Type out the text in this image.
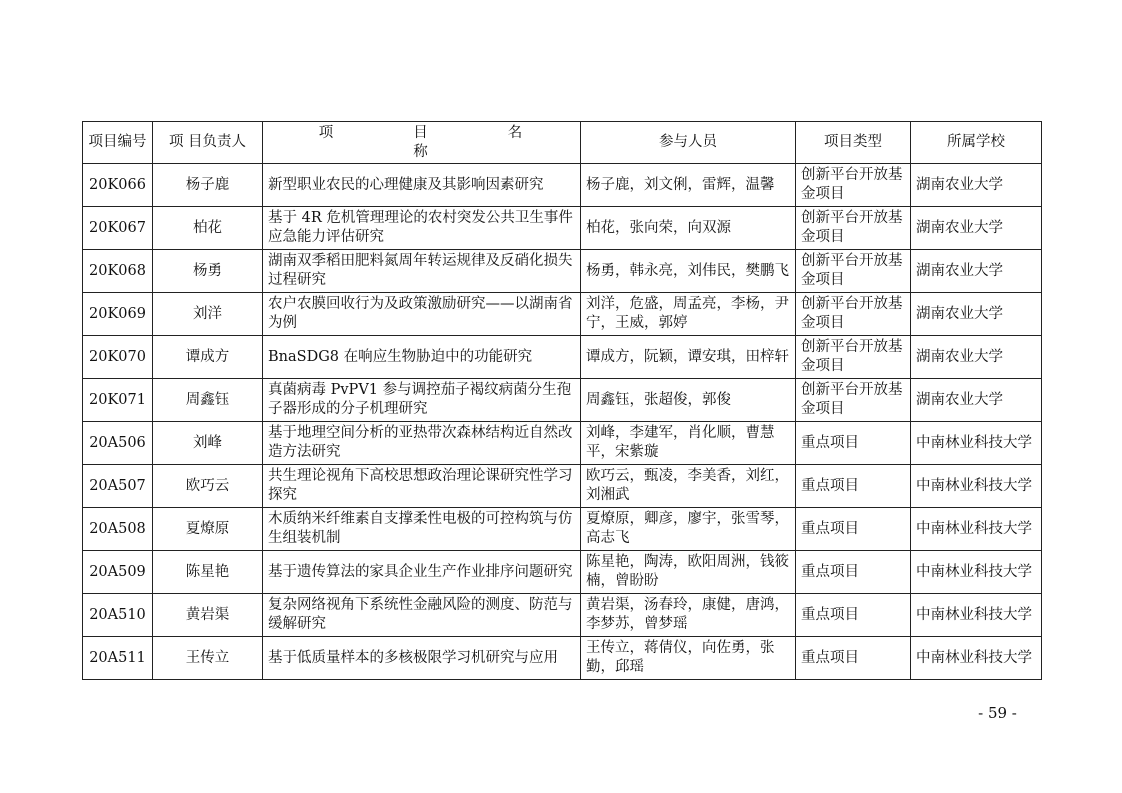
项目编号	项 目负责人	项 目 名 称	参与人员	项目类型	所属学校
20K066	杨子鹿	新型职业农民的心理健康及其影响因素研究	杨子鹿，刘文俐，雷辉，温馨	创新平台开放基金项目	湖南农业大学
20K067	柏花	基于 4R 危机管理理论的农村突发公共卫生事件应急能力评估研究	柏花，张向荣，向双源	创新平台开放基金项目	湖南农业大学
20K068	杨勇	湖南双季稻田肥料氮周年转运规律及反硝化损失过程研究	杨勇，韩永亮，刘伟民，樊鹏飞	创新平台开放基金项目	湖南农业大学
20K069	刘洋	农户农膜回收行为及政策激励研究——以湖南省为例	刘洋，危盛，周孟亮，李杨，尹宁，王威，郭婷	创新平台开放基金项目	湖南农业大学
20K070	谭成方	BnaSDG8 在响应生物胁迫中的功能研究	谭成方，阮颖，谭安琪，田梓轩	创新平台开放基金项目	湖南农业大学
20K071	周鑫钰	真菌病毒 PvPV1 参与调控茄子褐纹病菌分生孢子器形成的分子机理研究	周鑫钰，张超俊，郭俊	创新平台开放基金项目	湖南农业大学
20A506	刘峰	基于地理空间分析的亚热带次森林结构近自然改造方法研究	刘峰，李建军，肖化顺，曹慧平，宋紫璇	重点项目	中南林业科技大学
20A507	欧巧云	共生理论视角下高校思想政治理论课研究性学习探究	欧巧云，甄凌，李美香，刘红，刘湘武	重点项目	中南林业科技大学
20A508	夏燎原	木质纳米纤维素自支撑柔性电极的可控构筑与仿生组装机制	夏燎原，卿彦，廖宇，张雪琴，高志飞	重点项目	中南林业科技大学
20A509	陈星艳	基于遗传算法的家具企业生产作业排序问题研究	陈星艳，陶涛，欧阳周洲，钱筱楠，曾盼盼	重点项目	中南林业科技大学
20A510	黄岩渠	复杂网络视角下系统性金融风险的测度、防范与缓解研究	黄岩渠，汤春玲，康健，唐鸿，李梦苏，曾梦瑶	重点项目	中南林业科技大学
20A511	王传立	基于低质量样本的多核极限学习机研究与应用	王传立，蒋倩仪，向佐勇，张勤，邱瑶	重点项目	中南林业科技大学
- 59 -
